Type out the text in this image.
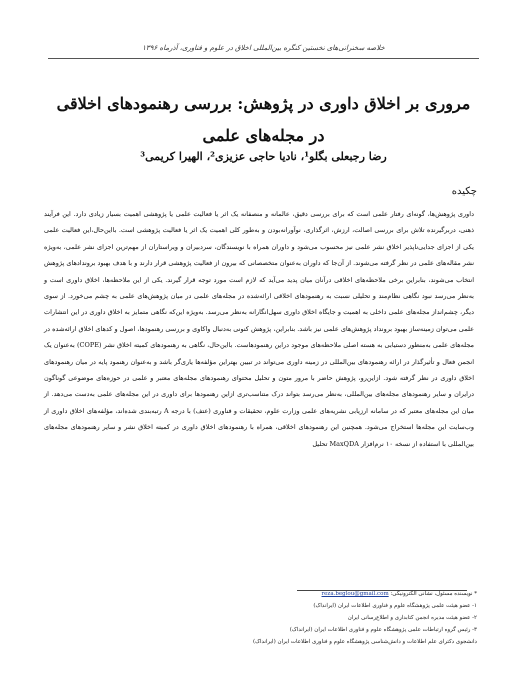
خلاصه سخنرانی‌های نخستین کنگره بین‌المللی اخلاق در علوم و فناوری، آذرماه ۱۳۹۶
مروری بر اخلاق داوری در پژوهش: بررسی رهنمودهای اخلاقی در مجله‌های علمی
رضا رجبعلی بگلو¹، نادیا حاجی عزیزی²، الهیرا کریمی³
چکیده
داوری پژوهش‌ها، گونه‌ای رفتار علمی است که برای بررسی دقیق، عالمانه و منصفانه یک اثر یا فعالیت علمی یا پژوهشی اهمیت بسیار زیادی دارد. این فرآیند ذهنی، دربرگیرنده تلاش برای بررسی اصالت، ارزش، اثرگذاری، نوآورانه‌بودن و به‌طور کلی اهمیت یک اثر یا فعالیت پژوهشی است. بااین‌حال،این فعالیت علمی یکی از اجزای جدایی‌ناپذیر اخلاق نشر علمی نیز محسوب می‌شود و داوران همراه با نویسندگان، سردبیران و ویراستاران از مهم‌ترین اجزای نشر علمی، به‌ویژه نشر مقاله‌های علمی در نظر گرفته می‌شوند. از آن‌جا که داوران به‌عنوان متخصصانی که بیرون از فعالیت پژوهشی قرار دارند و با هدف بهبود بروندادهای پژوهش انتخاب می‌شوند، بنابراین برخی ملاحظه‌های اخلاقی درآنان میان پدید می‌آید که لازم است مورد توجه قرار گیرند. یکی از این ملاحظه‌ها، اخلاق داوری است و به‌نظر می‌رسد نبود نگاهی نظام‌مند و تحلیلی نسبت به رهنمودهای اخلاقی ارائه‌شده در مجله‌های علمی در میان پژوهش‌های علمی به چشم می‌خورد. از سوی دیگر، چشم‌انداز مجله‌های علمی داخلی به اهمیت و جایگاه اخلاق داوری سهل‌انگارانه به‌نظر می‌رسد. به‌ویژه این‌که نگاهی متمایز به اخلاق داوری در این انتشارات علمی می‌توان زمینه‌ساز بهبود برونداد پژوهش‌های علمی نیز باشد. بنابراین، پژوهش کنونی به‌دنبال واکاوی و بررسی رهنمودها، اصول و کدهای اخلاق ارائه‌شده در مجله‌های علمی به‌منظور دستیابی به هسته اصلی ملاحظه‌های موجود دراین رهنمودهاست. بااین‌حال، نگاهی به رهنمودهای کمیته اخلاق نشر (COPE) به‌عنوان یک انجمن فعال و تأثیرگذار در ارائه رهنمودهای بین‌المللی در زمینه داوری می‌تواند در تبیین بهتراین مؤلفه‌ها یاری‌گر باشد و به‌عنوان رهنمود پایه در میان رهنمودهای اخلاق داوری در نظر گرفته شود. ازاین‌رو، پژوهش حاضر با مرور متون و تحلیل محتوای رهنمودهای مجله‌های معتبر و علمی در حوزه‌های موضوعی گوناگون درایران و سایر رهنمودهای مجله‌های بین‌المللی، به‌نظر می‌رسد بتواند درک متناسب‌تری ازاین رهنمودها برای داوری در این مجله‌های علمی به‌دست می‌دهد. از میان این مجله‌های معتبر که در سامانه ارزیابی نشریه‌های علمی وزارت علوم، تحقیقات و فناوری (عتف) با درجه A رتبه‌بندی شده‌اند، مؤلفه‌های اخلاق داوری از وب‌سایت این مجله‌ها استخراج می‌شود. همچنین این رهنمودهای اخلاقی، همراه با رهنمودهای اخلاق داوری در کمیته اخلاق نشر و سایر رهنمودهای مجله‌های بین‌المللی با استفاده از نسخه ۱۰ نرم‌افزار MaxQDA تحلیل
* نویسنده مسئول، نشانی الکترونیکی: reza.beglou@gmail.com
۱- عضو هیئت علمی پژوهشگاه علوم و فناوری اطلاعات ایران (ایرانداک)
۲- عضو هیئت مدیره انجمن کتابداری و اطلاع‌رسانی ایران
۳- رئیس گروه ارتباطات علمی پژوهشگاه علوم و فناوری اطلاعات ایران (ایرانداک)
دانشجوی دکترای علم اطلاعات و دانش‌شناسی پژوهشگاه علوم و فناوری اطلاعات ایران (ایرانداک)
